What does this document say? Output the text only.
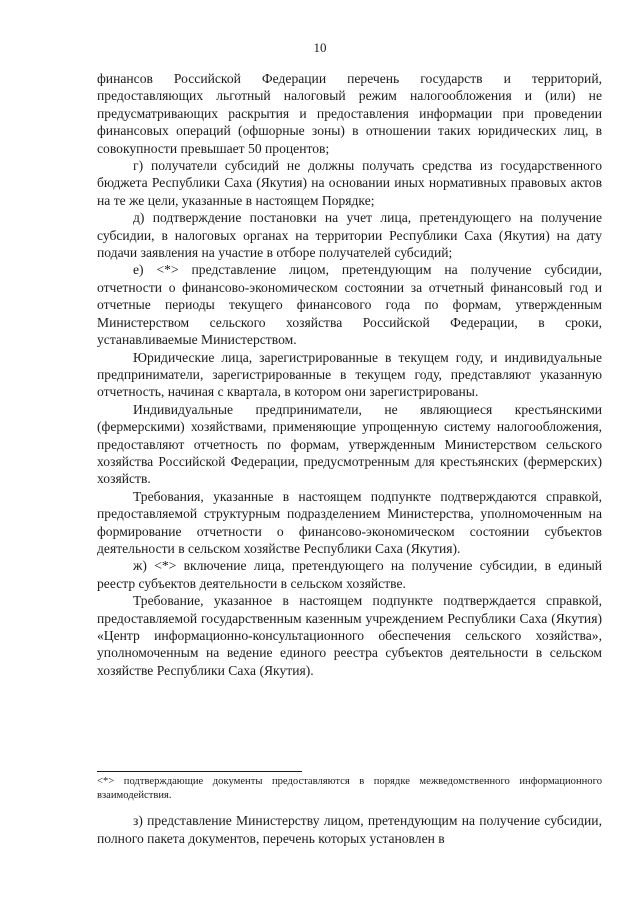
10

финансов Российской Федерации перечень государств и территорий, предоставляющих льготный налоговый режим налогообложения и (или) не предусматривающих раскрытия и предоставления информации при проведении финансовых операций (офшорные зоны) в отношении таких юридических лиц, в совокупности превышает 50 процентов;

г) получатели субсидий не должны получать средства из государственного бюджета Республики Саха (Якутия) на основании иных нормативных правовых актов на те же цели, указанные в настоящем Порядке;

д) подтверждение постановки на учет лица, претендующего на получение субсидии, в налоговых органах на территории Республики Саха (Якутия) на дату подачи заявления на участие в отборе получателей субсидий;

е) <*> представление лицом, претендующим на получение субсидии, отчетности о финансово-экономическом состоянии за отчетный финансовый год и отчетные периоды текущего финансового года по формам, утвержденным Министерством сельского хозяйства Российской Федерации, в сроки, устанавливаемые Министерством.

Юридические лица, зарегистрированные в текущем году, и индивидуальные предприниматели, зарегистрированные в текущем году, представляют указанную отчетность, начиная с квартала, в котором они зарегистрированы.

Индивидуальные предприниматели, не являющиеся крестьянскими (фермерскими) хозяйствами, применяющие упрощенную систему налогообложения, предоставляют отчетность по формам, утвержденным Министерством сельского хозяйства Российской Федерации, предусмотренным для крестьянских (фермерских) хозяйств.

Требования, указанные в настоящем подпункте подтверждаются справкой, предоставляемой структурным подразделением Министерства, уполномоченным на формирование отчетности о финансово-экономическом состоянии субъектов деятельности в сельском хозяйстве Республики Саха (Якутия).

ж) <*> включение лица, претендующего на получение субсидии, в единый реестр субъектов деятельности в сельском хозяйстве.

Требование, указанное в настоящем подпункте подтверждается справкой, предоставляемой государственным казенным учреждением Республики Саха (Якутия) «Центр информационно-консультационного обеспечения сельского хозяйства», уполномоченным на ведение единого реестра субъектов деятельности в сельском хозяйстве Республики Саха (Якутия).

<*> подтверждающие документы предоставляются в порядке межведомственного информационного взаимодействия.

з) представление Министерству лицом, претендующим на получение субсидии, полного пакета документов, перечень которых установлен в
